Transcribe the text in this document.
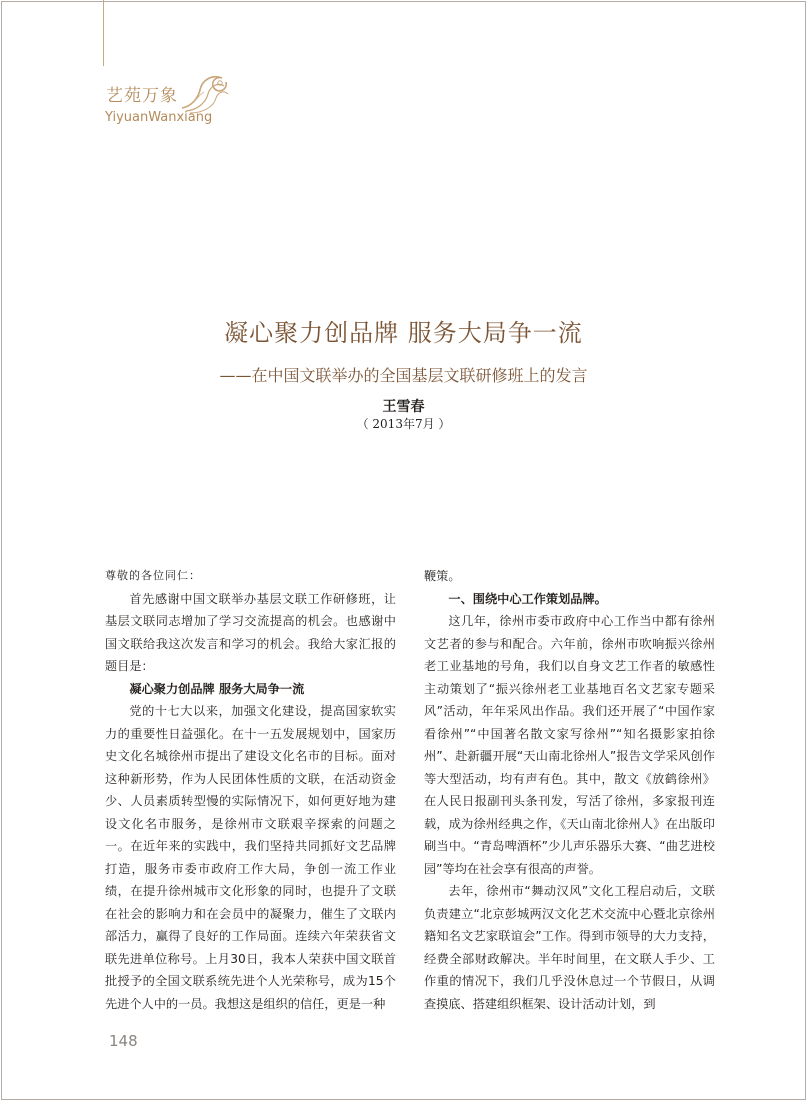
艺苑万象
YiyuanWanxiang
凝心聚力创品牌 服务大局争一流
——在中国文联举办的全国基层文联研修班上的发言
王雪春
（ 2013年7月 ）

尊敬的各位同仁：

首先感谢中国文联举办基层文联工作研修班，让基层文联同志增加了学习交流提高的机会。也感谢中国文联给我这次发言和学习的机会。我给大家汇报的题目是：

凝心聚力创品牌 服务大局争一流

党的十七大以来，加强文化建设，提高国家软实力的重要性日益强化。在十一五发展规划中，国家历史文化名城徐州市提出了建设文化名市的目标。面对这种新形势，作为人民团体性质的文联，在活动资金少、人员素质转型慢的实际情况下，如何更好地为建设文化名市服务，是徐州市文联艰辛探索的问题之一。在近年来的实践中，我们坚持共同抓好文艺品牌打造，服务市委市政府工作大局，争创一流工作业绩，在提升徐州城市文化形象的同时，也提升了文联在社会的影响力和在会员中的凝聚力，催生了文联内部活力，赢得了良好的工作局面。连续六年荣获省文联先进单位称号。上月30日，我本人荣获中国文联首批授予的全国文联系统先进个人光荣称号，成为15个先进个人中的一员。我想这是组织的信任，更是一种

鞭策。

一、围绕中心工作策划品牌。

这几年，徐州市委市政府中心工作当中都有徐州文艺者的参与和配合。六年前，徐州市吹响振兴徐州老工业基地的号角，我们以自身文艺工作者的敏感性主动策划了“振兴徐州老工业基地百名文艺家专题采风”活动，年年采风出作品。我们还开展了“中国作家看徐州”“中国著名散文家写徐州”“知名摄影家拍徐州”、赴新疆开展“天山南北徐州人”报告文学采风创作等大型活动，均有声有色。其中，散文《放鹤徐州》在人民日报副刊头条刊发，写活了徐州，多家报刊连载，成为徐州经典之作，《天山南北徐州人》在出版印刷当中。“青岛啤酒杯”少儿声乐器乐大赛、“曲艺进校园”等均在社会享有很高的声誉。

去年，徐州市“舞动汉风”文化工程启动后，文联负责建立“北京彭城两汉文化艺术交流中心暨北京徐州籍知名文艺家联谊会”工作。得到市领导的大力支持，经费全部财政解决。半年时间里，在文联人手少、工作重的情况下，我们几乎没休息过一个节假日，从调查摸底、搭建组织框架、设计活动计划，到

148
